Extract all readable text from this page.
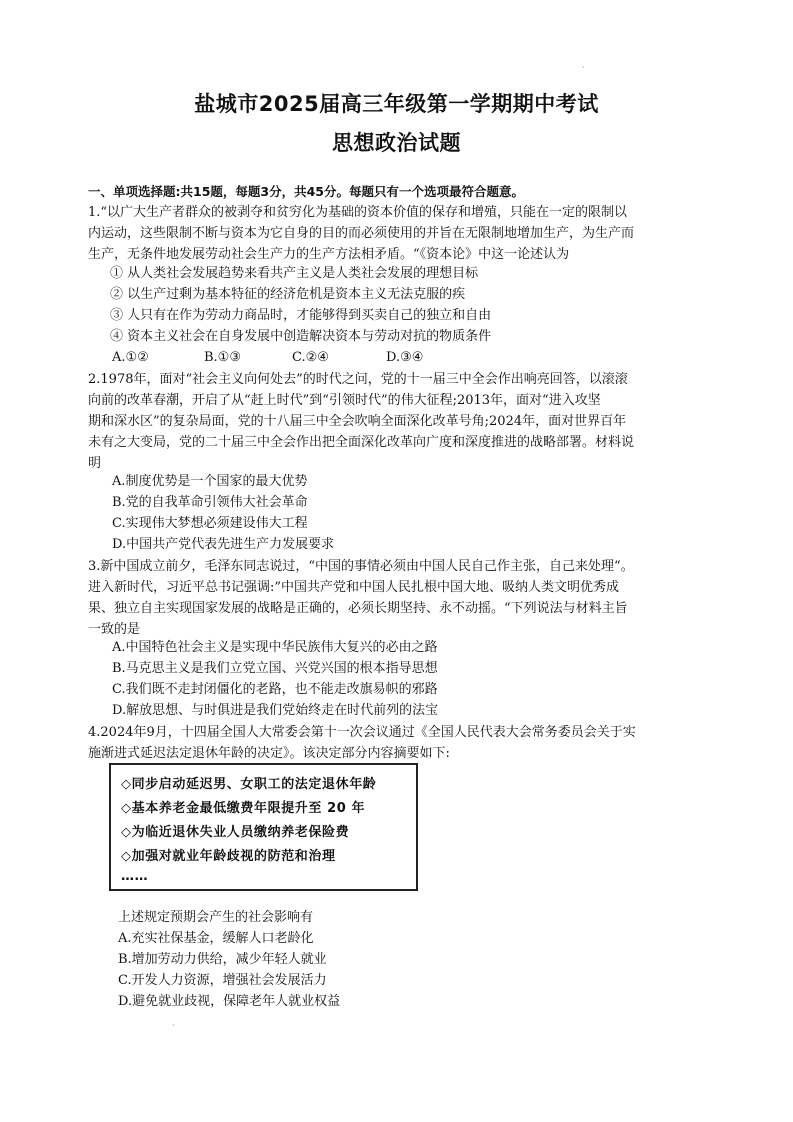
·
盐城市2025届高三年级第一学期期中考试
思想政治试题
一、单项选择题:共15题，每题3分，共45分。每题只有一个选项最符合题意。
1.“以广大生产者群众的被剥夺和贫穷化为基础的资本价值的保存和增殖，只能在一定的限制以
内运动，这些限制不断与资本为它自身的目的而必须使用的并旨在无限制地增加生产，为生产而
生产，无条件地发展劳动社会生产力的生产方法相矛盾。“《资本论》中这一论述认为
① 从人类社会发展趋势来看共产主义是人类社会发展的理想目标
② 以生产过剩为基本特征的经济危机是资本主义无法克服的疾
③ 人只有在作为劳动力商品时，才能够得到买卖自己的独立和自由
④ 资本主义社会在自身发展中创造解决资本与劳动对抗的物质条件
A.①②	B.①③	C.②④	D.③④
2.1978年，面对“社会主义向何处去”的时代之问，党的十一届三中全会作出响亮回答，以滚滚
向前的改革春潮，开启了从“赶上时代”到“引领时代”的伟大征程;2013年，面对“进入攻坚
期和深水区”的复杂局面，党的十八届三中全会吹响全面深化改革号角;2024年，面对世界百年
未有之大变局，党的二十届三中全会作出把全面深化改革向广度和深度推进的战略部署。材料说
明
A.制度优势是一个国家的最大优势
B.党的自我革命引领伟大社会革命
C.实现伟大梦想必须建设伟大工程
D.中国共产党代表先进生产力发展要求
3.新中国成立前夕，毛泽东同志说过，“中国的事情必须由中国人民自己作主张，自己来处理“。
进入新时代，习近平总书记强调:”中国共产党和中国人民扎根中国大地、吸纳人类文明优秀成
果、独立自主实现国家发展的战略是正确的，必须长期坚持、永不动摇。“下列说法与材料主旨
一致的是
A.中国特色社会主义是实现中华民族伟大复兴的必由之路
B.马克思主义是我们立党立国、兴党兴国的根本指导思想
C.我们既不走封闭僵化的老路，也不能走改旗易帜的邪路
D.解放思想、与时俱进是我们党始终走在时代前列的法宝
4.2024年9月，十四届全国人大常委会第十一次会议通过《全国人民代表大会常务委员会关于实
施渐进式延迟法定退休年龄的决定》。该决定部分内容摘要如下:
◇同步启动延迟男、女职工的法定退休年龄
◇基本养老金最低缴费年限提升至 20 年
◇为临近退休失业人员缴纳养老保险费
◇加强对就业年龄歧视的防范和治理
……
上述规定预期会产生的社会影响有
A.充实社保基金，缓解人口老龄化
B.增加劳动力供给，减少年轻人就业
C.开发人力资源，增强社会发展活力
D.避免就业歧视，保障老年人就业权益
·
